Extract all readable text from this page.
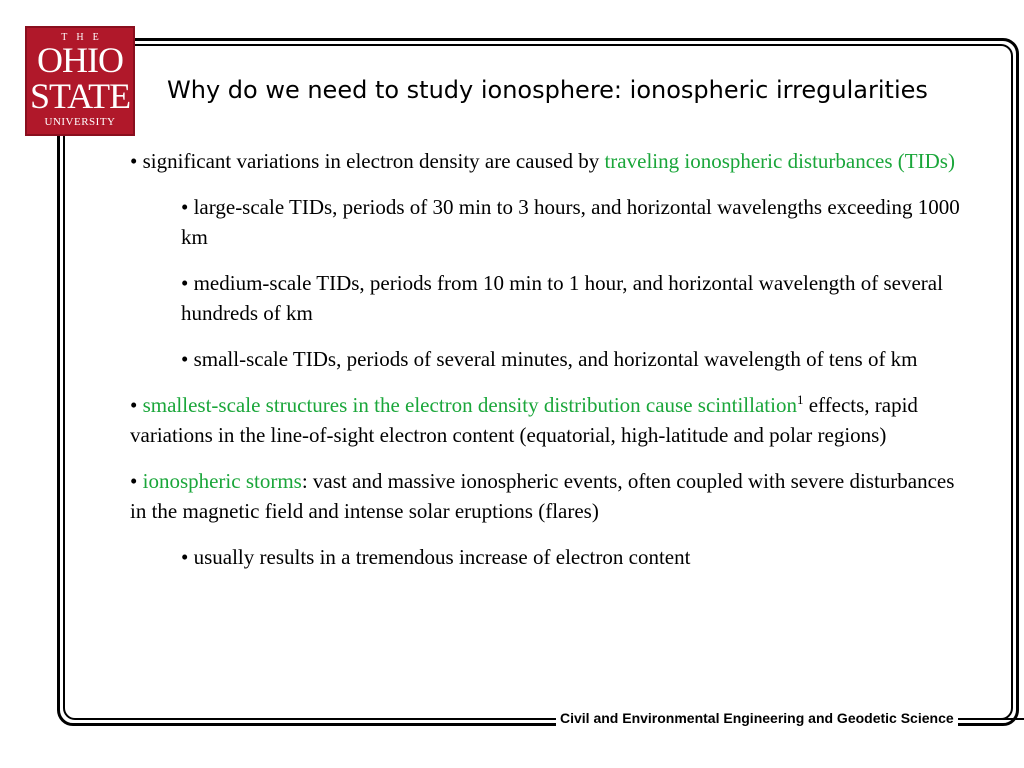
THE
OHIO
STATE
UNIVERSITY
Why do we need to study ionosphere: ionospheric irregularities

• significant variations in electron density are caused by traveling ionospheric disturbances (TIDs)

• large-scale TIDs, periods of 30 min to 3 hours, and horizontal wavelengths exceeding 1000 km

• medium-scale TIDs, periods from 10 min to 1 hour, and horizontal wavelength of several hundreds of km

• small-scale TIDs, periods of several minutes, and horizontal wavelength of tens of km

• smallest-scale structures in the electron density distribution cause scintillation$^1$ effects, rapid variations in the line-of-sight electron content (equatorial, high-latitude and polar regions)

• ionospheric storms: vast and massive ionospheric events, often coupled with severe disturbances in the magnetic field and intense solar eruptions (flares)

• usually results in a tremendous increase of electron content

Civil and Environmental Engineering and Geodetic Science
